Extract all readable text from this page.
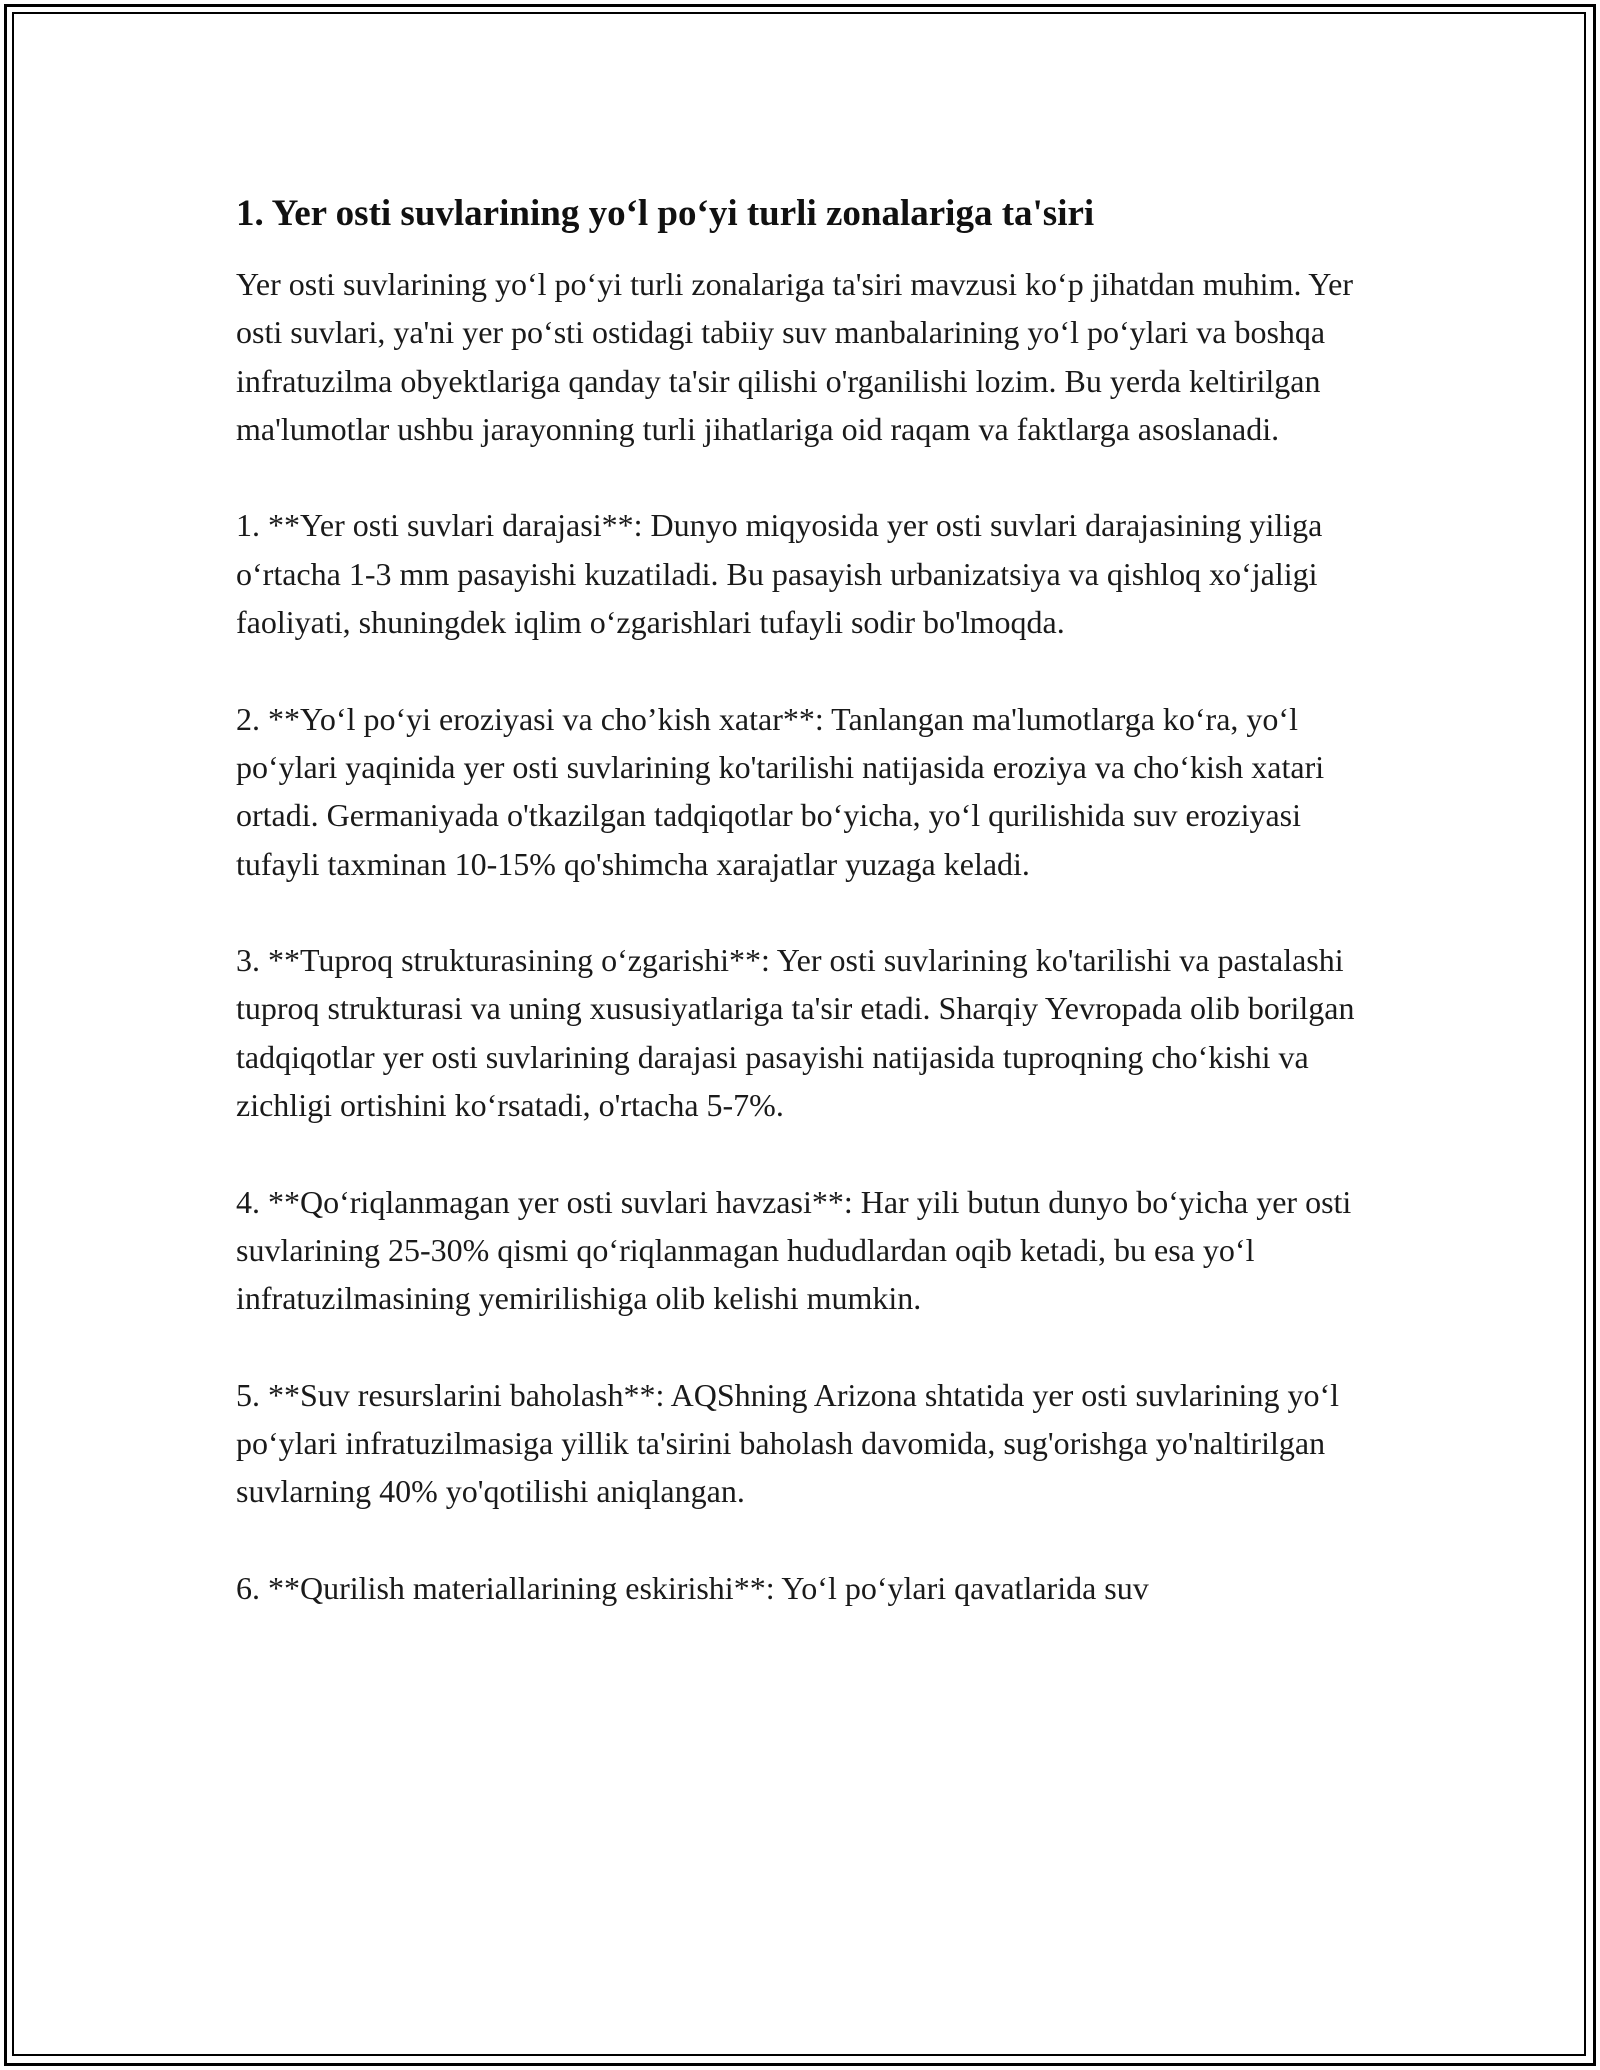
1. Yer osti suvlarining yo‘l po‘yi turli zonalariga ta'siri

Yer osti suvlarining yo‘l po‘yi turli zonalariga ta'siri mavzusi ko‘p jihatdan muhim. Yer osti suvlari, ya'ni yer po‘sti ostidagi tabiiy suv manbalarining yo‘l po‘ylari va boshqa infratuzilma obyektlariga qanday ta'sir qilishi o'rganilishi lozim. Bu yerda keltirilgan ma'lumotlar ushbu jarayonning turli jihatlariga oid raqam va faktlarga asoslanadi.

1. **Yer osti suvlari darajasi**: Dunyo miqyosida yer osti suvlari darajasining yiliga o‘rtacha 1-3 mm pasayishi kuzatiladi. Bu pasayish urbanizatsiya va qishloq xo‘jaligi faoliyati, shuningdek iqlim o‘zgarishlari tufayli sodir bo'lmoqda.

2. **Yo‘l po‘yi eroziyasi va cho’kish xatar**: Tanlangan ma'lumotlarga ko‘ra, yo‘l po‘ylari yaqinida yer osti suvlarining ko'tarilishi natijasida eroziya va cho‘kish xatari ortadi. Germaniyada o'tkazilgan tadqiqotlar bo‘yicha, yo‘l qurilishida suv eroziyasi tufayli taxminan 10-15% qo'shimcha xarajatlar yuzaga keladi.

3. **Tuproq strukturasining o‘zgarishi**: Yer osti suvlarining ko'tarilishi va pastalashi tuproq strukturasi va uning xususiyatlariga ta'sir etadi. Sharqiy Yevropada olib borilgan tadqiqotlar yer osti suvlarining darajasi pasayishi natijasida tuproqning cho‘kishi va zichligi ortishini ko‘rsatadi, o'rtacha 5-7%.

4. **Qo‘riqlanmagan yer osti suvlari havzasi**: Har yili butun dunyo bo‘yicha yer osti suvlarining 25-30% qismi qo‘riqlanmagan hududlardan oqib ketadi, bu esa yo‘l infratuzilmasining yemirilishiga olib kelishi mumkin.

5. **Suv resurslarini baholash**: AQShning Arizona shtatida yer osti suvlarining yo‘l po‘ylari infratuzilmasiga yillik ta'sirini baholash davomida, sug'orishga yo'naltirilgan suvlarning 40% yo'qotilishi aniqlangan.

6. **Qurilish materiallarining eskirishi**: Yo‘l po‘ylari qavatlarida suv
